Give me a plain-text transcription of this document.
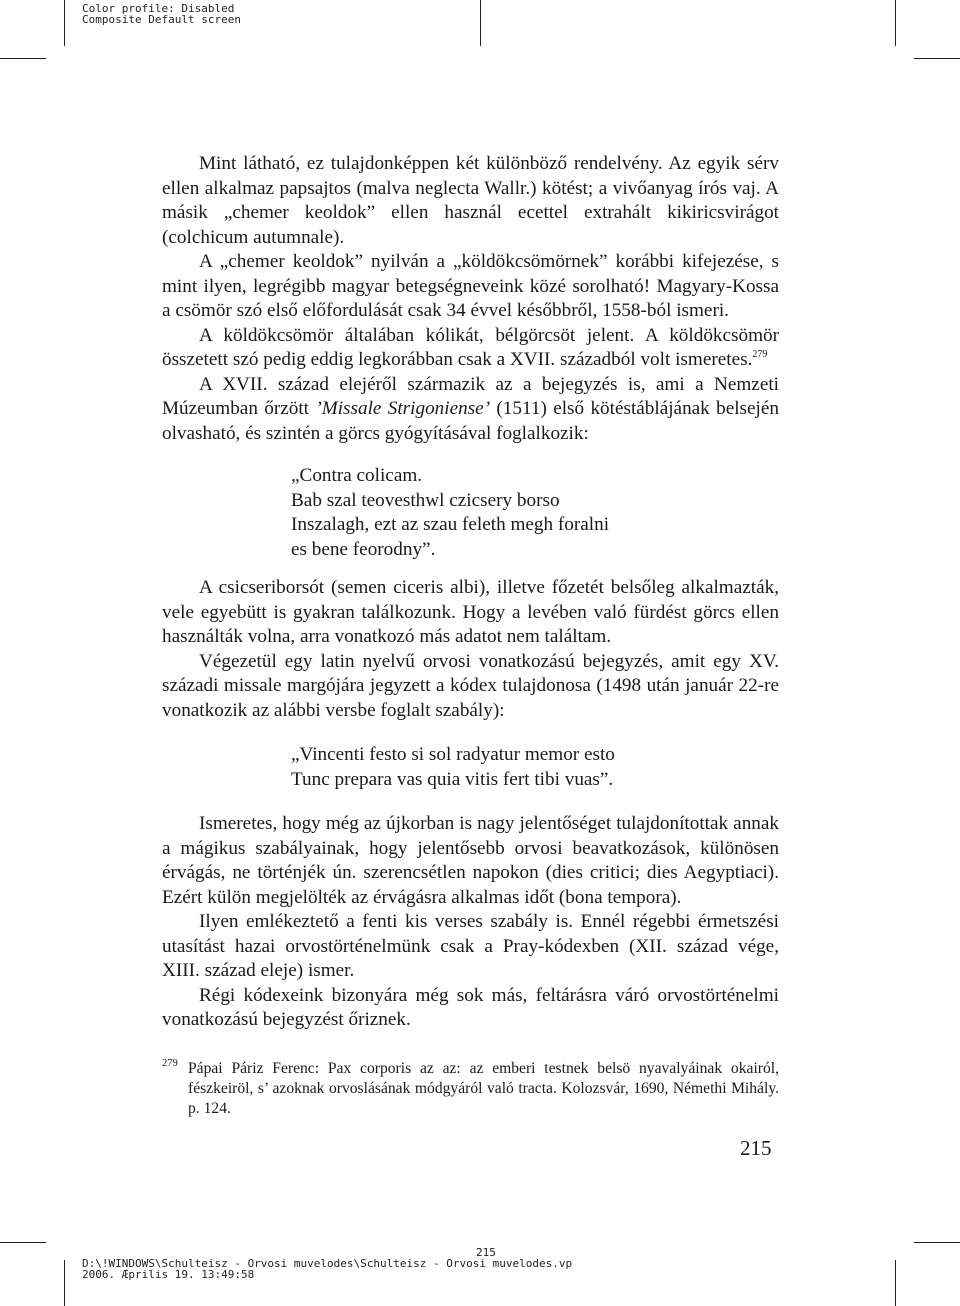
Color profile: Disabled
Composite Default screen

Mint látható, ez tulajdonképpen két különböző rendelvény. Az egyik sérv ellen alkalmaz papsajtos (malva neglecta Wallr.) kötést; a vivőanyag írós vaj. A másik „chemer keoldok” ellen használ ecettel extrahált kikiricsvirágot (colchicum autumnale).

A „chemer keoldok” nyilván a „köldökcsömörnek” korábbi kifejezése, s mint ilyen, legrégibb magyar betegségneveink közé sorolható! Magyary-Kossa a csömör szó első előfordulását csak 34 évvel későbbről, 1558-ból ismeri.

A köldökcsömör általában kólikát, bélgörcsöt jelent. A köldökcsömör összetett szó pedig eddig legkorábban csak a XVII. századból volt ismeretes.$^{279}$

A XVII. század elejéről származik az a bejegyzés is, ami a Nemzeti Múzeumban őrzött ’Missale Strigoniense’ (1511) első kötéstáblájának belsején olvasható, és szintén a görcs gyógyításával foglalkozik:

„Contra colicam.
Bab szal teovesthwl czicsery borso
Inszalagh, ezt az szau feleth megh foralni
es bene feorodny”.

A csicseriborsót (semen ciceris albi), illetve főzetét belsőleg alkalmazták, vele egyebütt is gyakran találkozunk. Hogy a levében való fürdést görcs ellen használták volna, arra vonatkozó más adatot nem találtam.

Végezetül egy latin nyelvű orvosi vonatkozású bejegyzés, amit egy XV. századi missale margójára jegyzett a kódex tulajdonosa (1498 után január 22-re vonatkozik az alábbi versbe foglalt szabály):

„Vincenti festo si sol radyatur memor esto
Tunc prepara vas quia vitis fert tibi vuas”.

Ismeretes, hogy még az újkorban is nagy jelentőséget tulajdonítottak annak a mágikus szabályainak, hogy jelentősebb orvosi beavatkozások, különösen érvágás, ne történjék ún. szerencsétlen napokon (dies critici; dies Aegyptiaci). Ezért külön megjelölték az érvágásra alkalmas időt (bona tempora).

Ilyen emlékeztető a fenti kis verses szabály is. Ennél régebbi érmetszési utasítást hazai orvostörténelmünk csak a Pray-kódexben (XII. század vége, XIII. század eleje) ismer.

Régi kódexeink bizonyára még sok más, feltárásra váró orvostörténelmi vonatkozású bejegyzést őriznek.

279 Pápai Páriz Ferenc: Pax corporis az az: az emberi testnek belsö nyavalyáinak okairól, fészkeiröl, s’ azoknak orvoslásának módgyáról való tracta. Kolozsvár, 1690, Némethi Mihály. p. 124.
215
215
D:\!WINDOWS\Schulteisz - Orvosi muvelodes\Schulteisz - Orvosi muvelodes.vp
2006. Æprilis 19. 13:49:58
